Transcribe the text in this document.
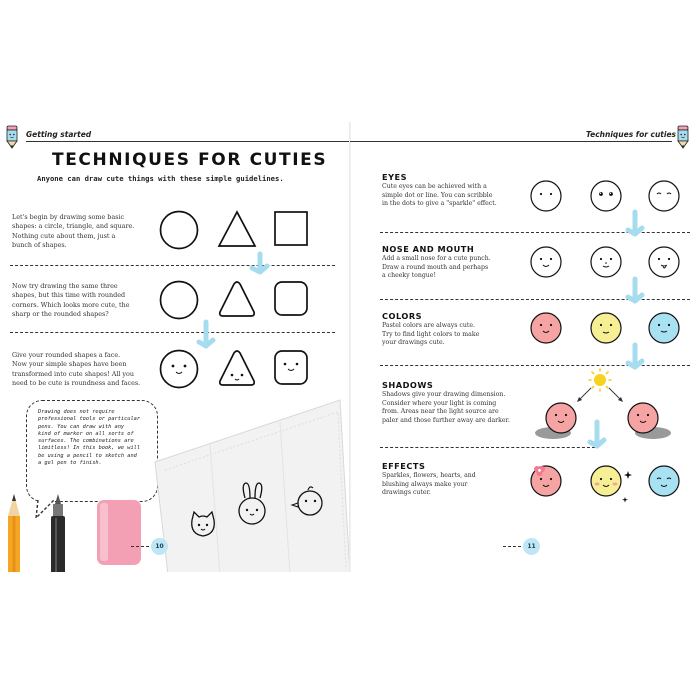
Getting started
TECHNIQUES FOR CUTIES
Anyone can draw cute things with these simple guidelines.
Let's begin by drawing some basic
shapes: a circle, triangle, and square.
Nothing cute about them, just a
bunch of shapes.
Now try drawing the same three
shapes, but this time with rounded
corners. Which looks more cute, the
sharp or the rounded shapes?
Give your rounded shapes a face.
Now your simple shapes have been
transformed into cute shapes! All you
need to be cute is roundness and faces.
Drawing does not require
professional tools or particular
pens. You can draw with any
kind of marker on all sorts of
surfaces. The combinations are
limitless! In this book, we will
be using a pencil to sketch and
a gel pen to finish.
10
Techniques for cuties
EYES
Cute eyes can be achieved with a
simple dot or line. You can scribble
in the dots to give a "sparkle" effect.
NOSE AND MOUTH
Add a small nose for a cute punch.
Draw a round mouth and perhaps
a cheeky tongue!
COLORS
Pastel colors are always cute.
Try to find light colors to make
your drawings cute.
SHADOWS
Shadows give your drawing dimension.
Consider where your light is coming
from. Areas near the light source are
paler and those further away are darker.
EFFECTS
Sparkles, flowers, hearts, and
blushing always make your
drawings cuter.
11
